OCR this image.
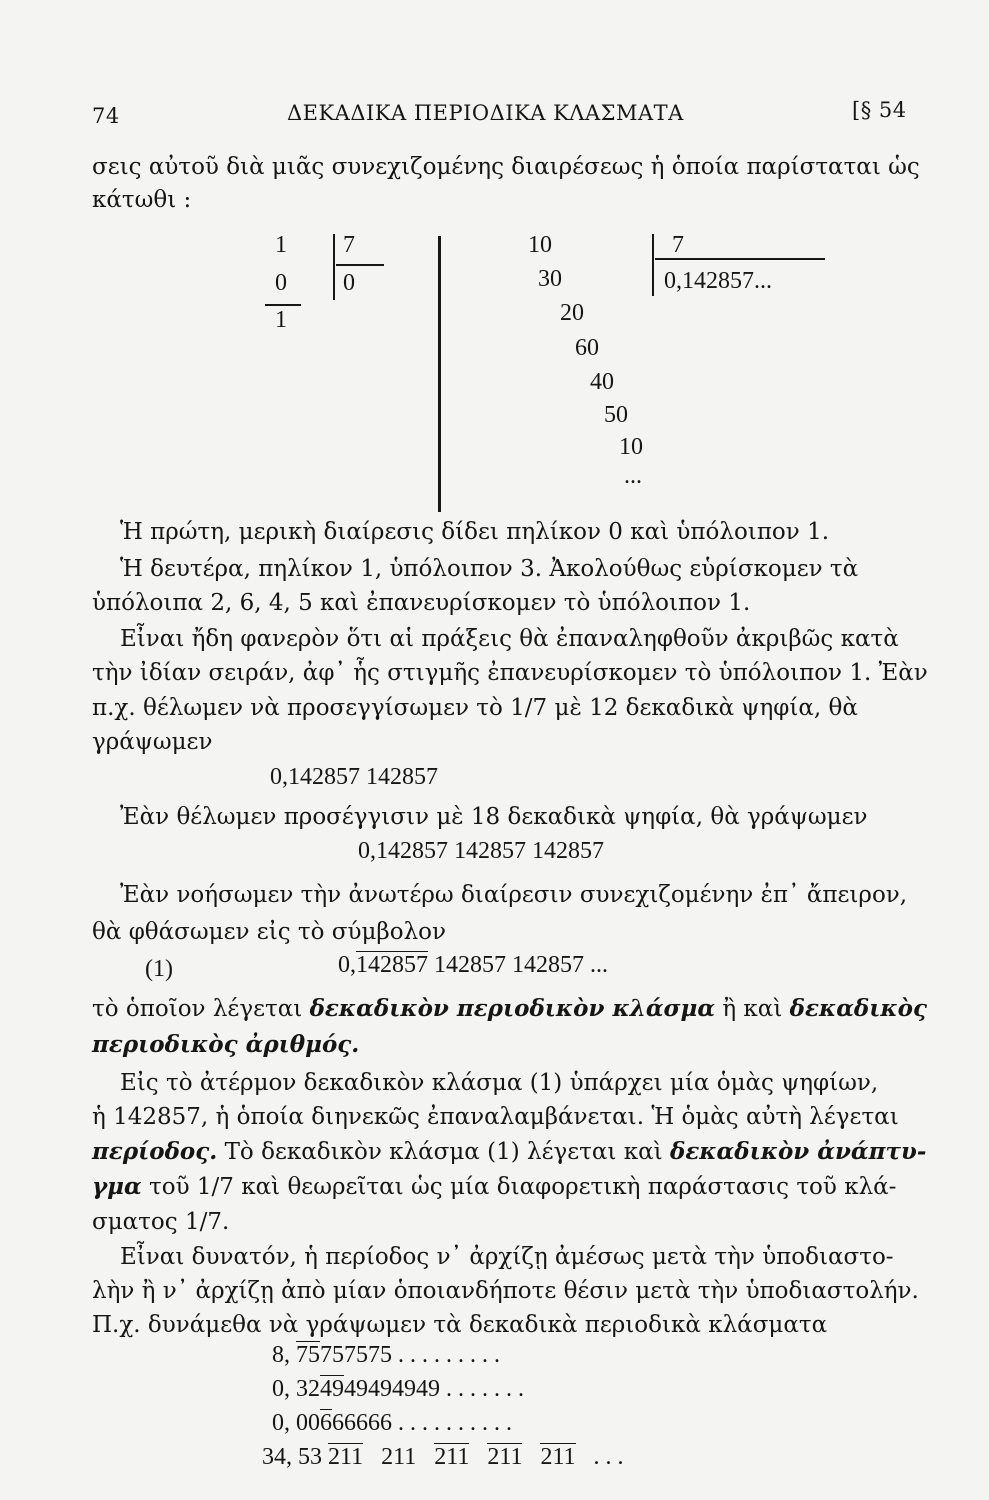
74	ΔΕΚΑΔΙΚΑ ΠΕΡΙΟΔΙΚΑ ΚΛΑΣΜΑΤΑ	[§ 54
σεις αὐτοῦ διὰ μιᾶς συνεχιζομένης διαιρέσεως ἡ ὁποία παρίσταται ὡς
κάτωθι :
1 7
0 0
1
10
30
20
60
40
50
10
...
7
0,142857...
Ἡ πρώτη, μερικὴ διαίρεσις δίδει πηλίκον 0 καὶ ὑπόλοιπον 1.
Ἡ δευτέρα, πηλίκον 1, ὑπόλοιπον 3. Ἀκολούθως εὑρίσκομεν τὰ
ὑπόλοιπα 2, 6, 4, 5 καὶ ἐπανευρίσκομεν τὸ ὑπόλοιπον 1.
Εἶναι ἤδη φανερὸν ὅτι αἱ πράξεις θὰ ἐπαναληφθοῦν ἀκριβῶς κατὰ
τὴν ἰδίαν σειράν, ἀφ᾽ ἧς στιγμῆς ἐπανευρίσκομεν τὸ ὑπόλοιπον 1. Ἐὰν
π.χ. θέλωμεν νὰ προσεγγίσωμεν τὸ 1/7 μὲ 12 δεκαδικὰ ψηφία, θὰ
γράψωμεν
0,142857 142857
Ἐὰν θέλωμεν προσέγγισιν μὲ 18 δεκαδικὰ ψηφία, θὰ γράψωμεν
0,142857 142857 142857
Ἐὰν νοήσωμεν τὴν ἀνωτέρω διαίρεσιν συνεχιζομένην ἐπ᾽ ἄπειρον,
θὰ φθάσωμεν εἰς τὸ σύμβολον
(1)	0,142857 142857 142857 ...
τὸ ὁποῖον λέγεται δεκαδικὸν περιοδικὸν κλάσμα ἢ καὶ δεκαδικὸς
περιοδικὸς ἀριθμός.
Εἰς τὸ ἀτέρμον δεκαδικὸν κλάσμα (1) ὑπάρχει μία ὁμὰς ψηφίων,
ἡ 142857, ἡ ὁποία διηνεκῶς ἐπαναλαμβάνεται. Ἡ ὁμὰς αὐτὴ λέγεται
περίοδος. Τὸ δεκαδικὸν κλάσμα (1) λέγεται καὶ δεκαδικὸν ἀνάπτυ-
γμα τοῦ 1/7 καὶ θεωρεῖται ὡς μία διαφορετικὴ παράστασις τοῦ κλά-
σματος 1/7.
Εἶναι δυνατόν, ἡ περίοδος ν᾽ ἀρχίζῃ ἀμέσως μετὰ τὴν ὑποδιαστο-
λὴν ἢ ν᾽ ἀρχίζῃ ἀπὸ μίαν ὁποιανδήποτε θέσιν μετὰ τὴν ὑποδιαστολήν.
Π.χ. δυνάμεθα νὰ γράψωμεν τὰ δεκαδικὰ περιοδικὰ κλάσματα
8, 75757575 . . . . . . . . .
0, 324949494949 . . . . . . .
0, 00666666 . . . . . . . . . .
34, 53 211 211 211 211 211 . . .
